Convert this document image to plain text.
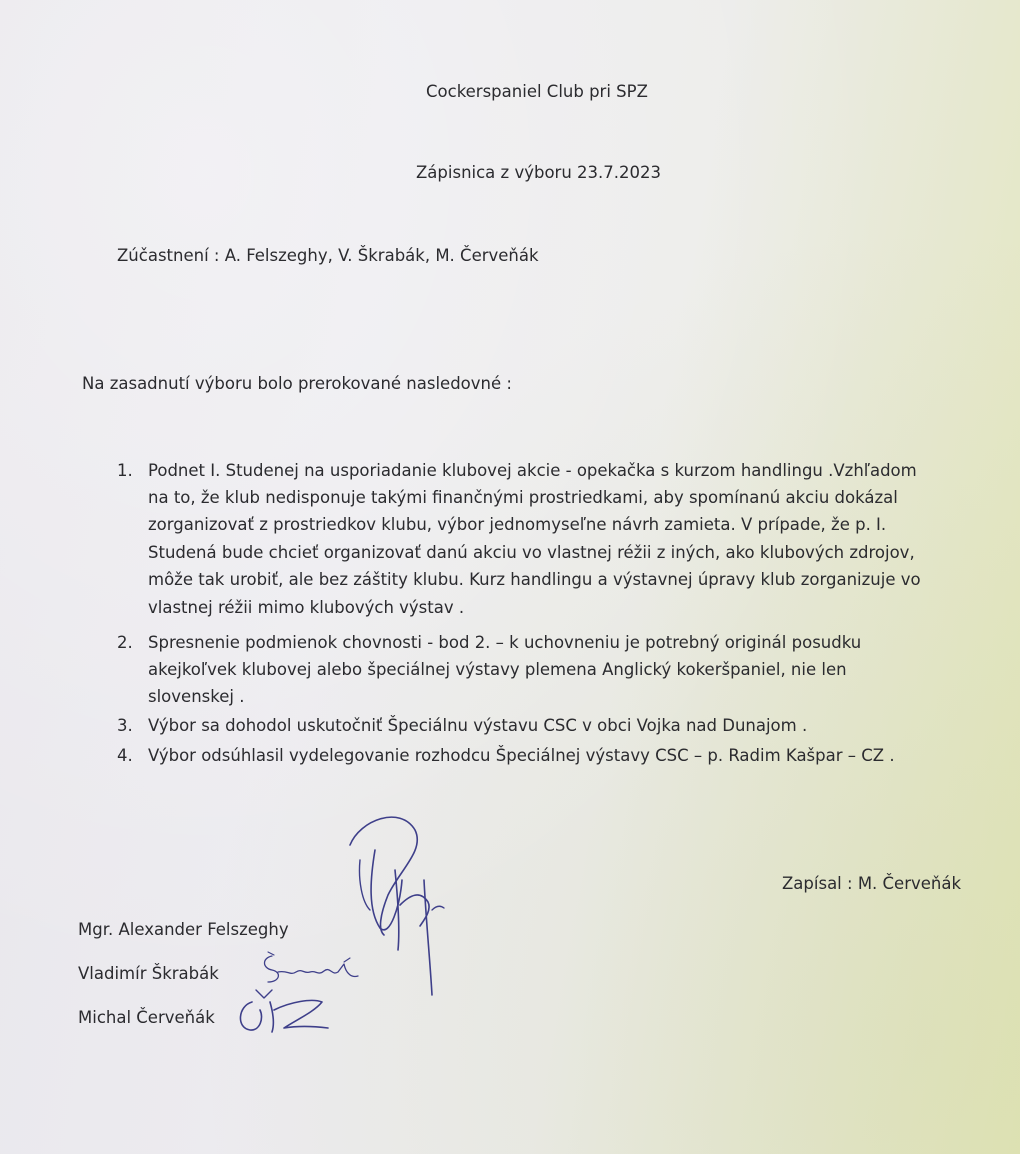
Cockerspaniel Club pri SPZ
Zápisnica z výboru 23.7.2023
Zúčastnení : A. Felszeghy, V. Škrabák, M. Červeňák
Na zasadnutí výboru bolo prerokované nasledovné :
1. Podnet I. Studenej na usporiadanie klubovej akcie - opekačka s kurzom handlingu .Vzhľadom
na to, že klub nedisponuje takými finančnými prostriedkami, aby spomínanú akciu dokázal
zorganizovať z prostriedkov klubu, výbor jednomyseľne návrh zamieta. V prípade, že p. I.
Studená bude chcieť organizovať danú akciu vo vlastnej réžii z iných, ako klubových zdrojov,
môže tak urobiť, ale bez záštity klubu. Kurz handlingu a výstavnej úpravy klub zorganizuje vo
vlastnej réžii mimo klubových výstav .
2. Spresnenie podmienok chovnosti - bod 2. – k uchovneniu je potrebný originál posudku
akejkoľvek klubovej alebo špeciálnej výstavy plemena Anglický kokeršpaniel, nie len
slovenskej .
3. Výbor sa dohodol uskutočniť Špeciálnu výstavu CSC v obci Vojka nad Dunajom .
4. Výbor odsúhlasil vydelegovanie rozhodcu Špeciálnej výstavy CSC – p. Radim Kašpar – CZ .
Zapísal : M. Červeňák
Mgr. Alexander Felszeghy
Vladimír Škrabák
Michal Červeňák
